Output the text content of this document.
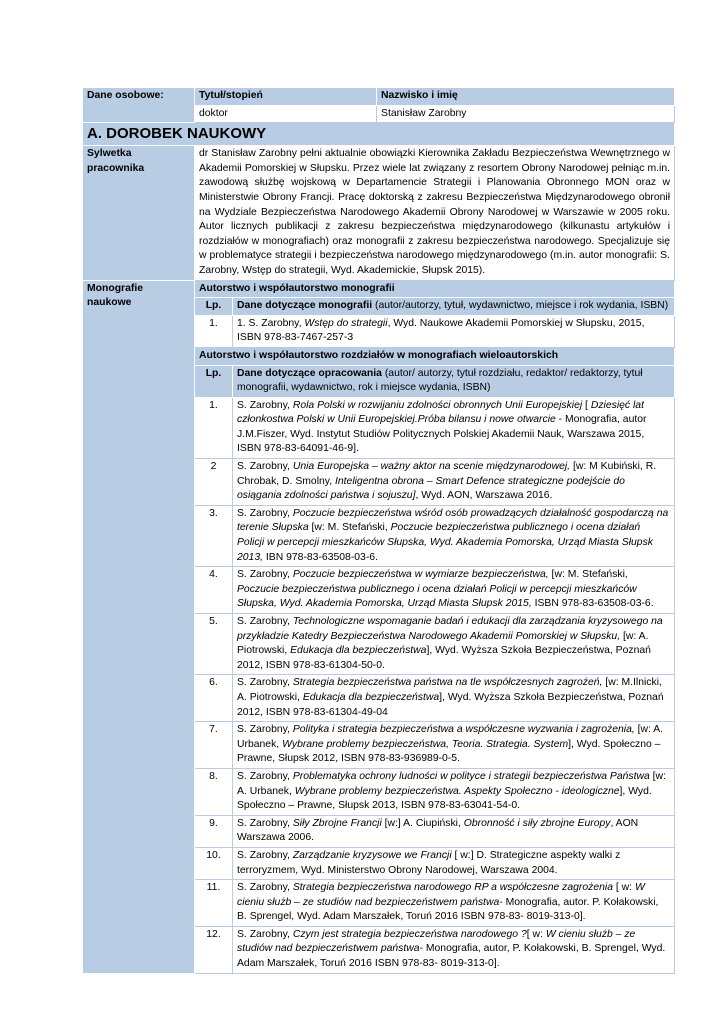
Dane osobowe:	Tytuł/stopień		Nazwisko i imię
	doktor		Stanisław Zarobny
A. DOROBEK NAUKOWY			
Sylwetka pracownika	dr Stanisław Zarobny pełni aktualnie obowiązki Kierownika Zakładu Bezpieczeństwa Wewnętrznego w Akademii Pomorskiej w Słupsku. Przez wiele lat związany z resortem Obrony Narodowej pełniąc m.in. zawodową służbę wojskową w Departamencie Strategii i Planowania Obronnego MON oraz w Ministerstwie Obrony Francji. Pracę doktorską z zakresu Bezpieczeństwa Międzynarodowego obronił na Wydziale Bezpieczeństwa Narodowego Akademii Obrony Narodowej w Warszawie w 2005 roku. Autor licznych publikacji z zakresu bezpieczeństwa międzynarodowego (kilkunastu artykułów i rozdziałów w monografiach) oraz monografii z zakresu bezpieczeństwa narodowego. Specjalizuje się w problematyce strategii i bezpieczeństwa narodowego międzynarodowego (m.in. autor monografii: S. Zarobny, Wstęp do strategii, Wyd. Akademickie, Słupsk 2015).		
Monografie naukowe	Autorstwo i współautorstwo monografii		
	Lp.	Dane dotyczące monografii (autor/autorzy, tytuł, wydawnictwo, miejsce i rok wydania, ISBN)	
	1.	1. S. Zarobny, Wstęp do strategii, Wyd. Naukowe Akademii Pomorskiej w Słupsku, 2015, ISBN 978-83-7467-257-3	
	Autorstwo i współautorstwo rozdziałów w monografiach wieloautorskich		
	Lp.	Dane dotyczące opracowania (autor/ autorzy, tytuł rozdziału, redaktor/ redaktorzy, tytuł monografii, wydawnictwo, rok i miejsce wydania, ISBN)	
	1.	S. Zarobny, Rola Polski w rozwijaniu zdolności obronnych Unii Europejskiej [ Dziesięć lat członkostwa Polski w Unii Europejskiej.Próba bilansu i nowe otwarcie - Monografia, autor J.M.Fiszer, Wyd. Instytut Studiów Politycznych Polskiej Akademii Nauk, Warszawa 2015, ISBN 978-83-64091-46-9].	
	2	S. Zarobny, Unia Europejska – ważny aktor na scenie międzynarodowej, [w: M Kubiński, R. Chrobak, D. Smolny, Inteligentna obrona – Smart Defence strategiczne podejście do osiągania zdolności państwa i sojuszu], Wyd. AON, Warszawa 2016.	
	3.	S. Zarobny, Poczucie bezpieczeństwa wśród osób prowadzących działalność gospodarczą na terenie Słupska [w: M. Stefański, Poczucie bezpieczeństwa publicznego i ocena działań Policji w percepcji mieszkańców Słupska, Wyd. Akademia Pomorska, Urząd Miasta Słupsk 2013, IBN 978-83-63508-03-6.	
	4.	S. Zarobny, Poczucie bezpieczeństwa w wymiarze bezpieczeństwa, [w: M. Stefański, Poczucie bezpieczeństwa publicznego i ocena działań Policji w percepcji mieszkańców Słupska, Wyd. Akademia Pomorska, Urząd Miasta Słupsk 2015, ISBN 978-83-63508-03-6.	
	5.	S. Zarobny, Technologiczne wspomaganie badań i edukacji dla zarządzania kryzysowego na przykładzie Katedry Bezpieczeństwa Narodowego Akademii Pomorskiej w Słupsku, [w: A. Piotrowski, Edukacja dla bezpieczeństwa], Wyd. Wyższa Szkoła Bezpieczeństwa, Poznań 2012, ISBN 978-83-61304-50-0.	
	6.	S. Zarobny, Strategia bezpieczeństwa państwa na tle współczesnych zagrożeń, [w: M.Ilnicki, A. Piotrowski, Edukacja dla bezpieczeństwa], Wyd. Wyższa Szkoła Bezpieczeństwa, Poznań 2012, ISBN 978-83-61304-49-04	
	7.	S. Zarobny, Polityka i strategia bezpieczeństwa a współczesne wyzwania i zagrożenia, [w: A. Urbanek, Wybrane problemy bezpieczeństwa, Teoria. Strategia. System], Wyd. Społeczno – Prawne, Słupsk 2012, ISBN 978-83-936989-0-5.	
	8.	S. Zarobny, Problematyka ochrony ludności w polityce i strategii bezpieczeństwa Państwa [w: A. Urbanek, Wybrane problemy bezpieczeństwa. Aspekty Społeczno - ideologiczne], Wyd. Społeczno – Prawne, Słupsk 2013, ISBN 978-83-63041-54-0.	
	9.	S. Zarobny, Siły Zbrojne Francji [w:] A. Ciupiński, Obronność i siły zbrojne Europy, AON Warszawa 2006.	
	10.	S. Zarobny, Zarządzanie kryzysowe we Francji [ w:] D. Strategiczne aspekty walki z terroryzmem, Wyd. Ministerstwo Obrony Narodowej, Warszawa 2004.	
	11.	S. Zarobny, Strategia bezpieczeństwa narodowego RP a współczesne zagrożenia [ w: W cieniu służb – ze studiów nad bezpieczeństwem państwa- Monografia, autor. P. Kołakowski, B. Sprengel, Wyd. Adam Marszałek, Toruń 2016 ISBN 978-83- 8019-313-0].	
	12.	S. Zarobny, Czym jest strategia bezpieczeństwa narodowego ?[ w: W cieniu służb – ze studiów nad bezpieczeństwem państwa- Monografia, autor, P. Kołakowski, B. Sprengel, Wyd. Adam Marszałek, Toruń 2016 ISBN 978-83- 8019-313-0].	
